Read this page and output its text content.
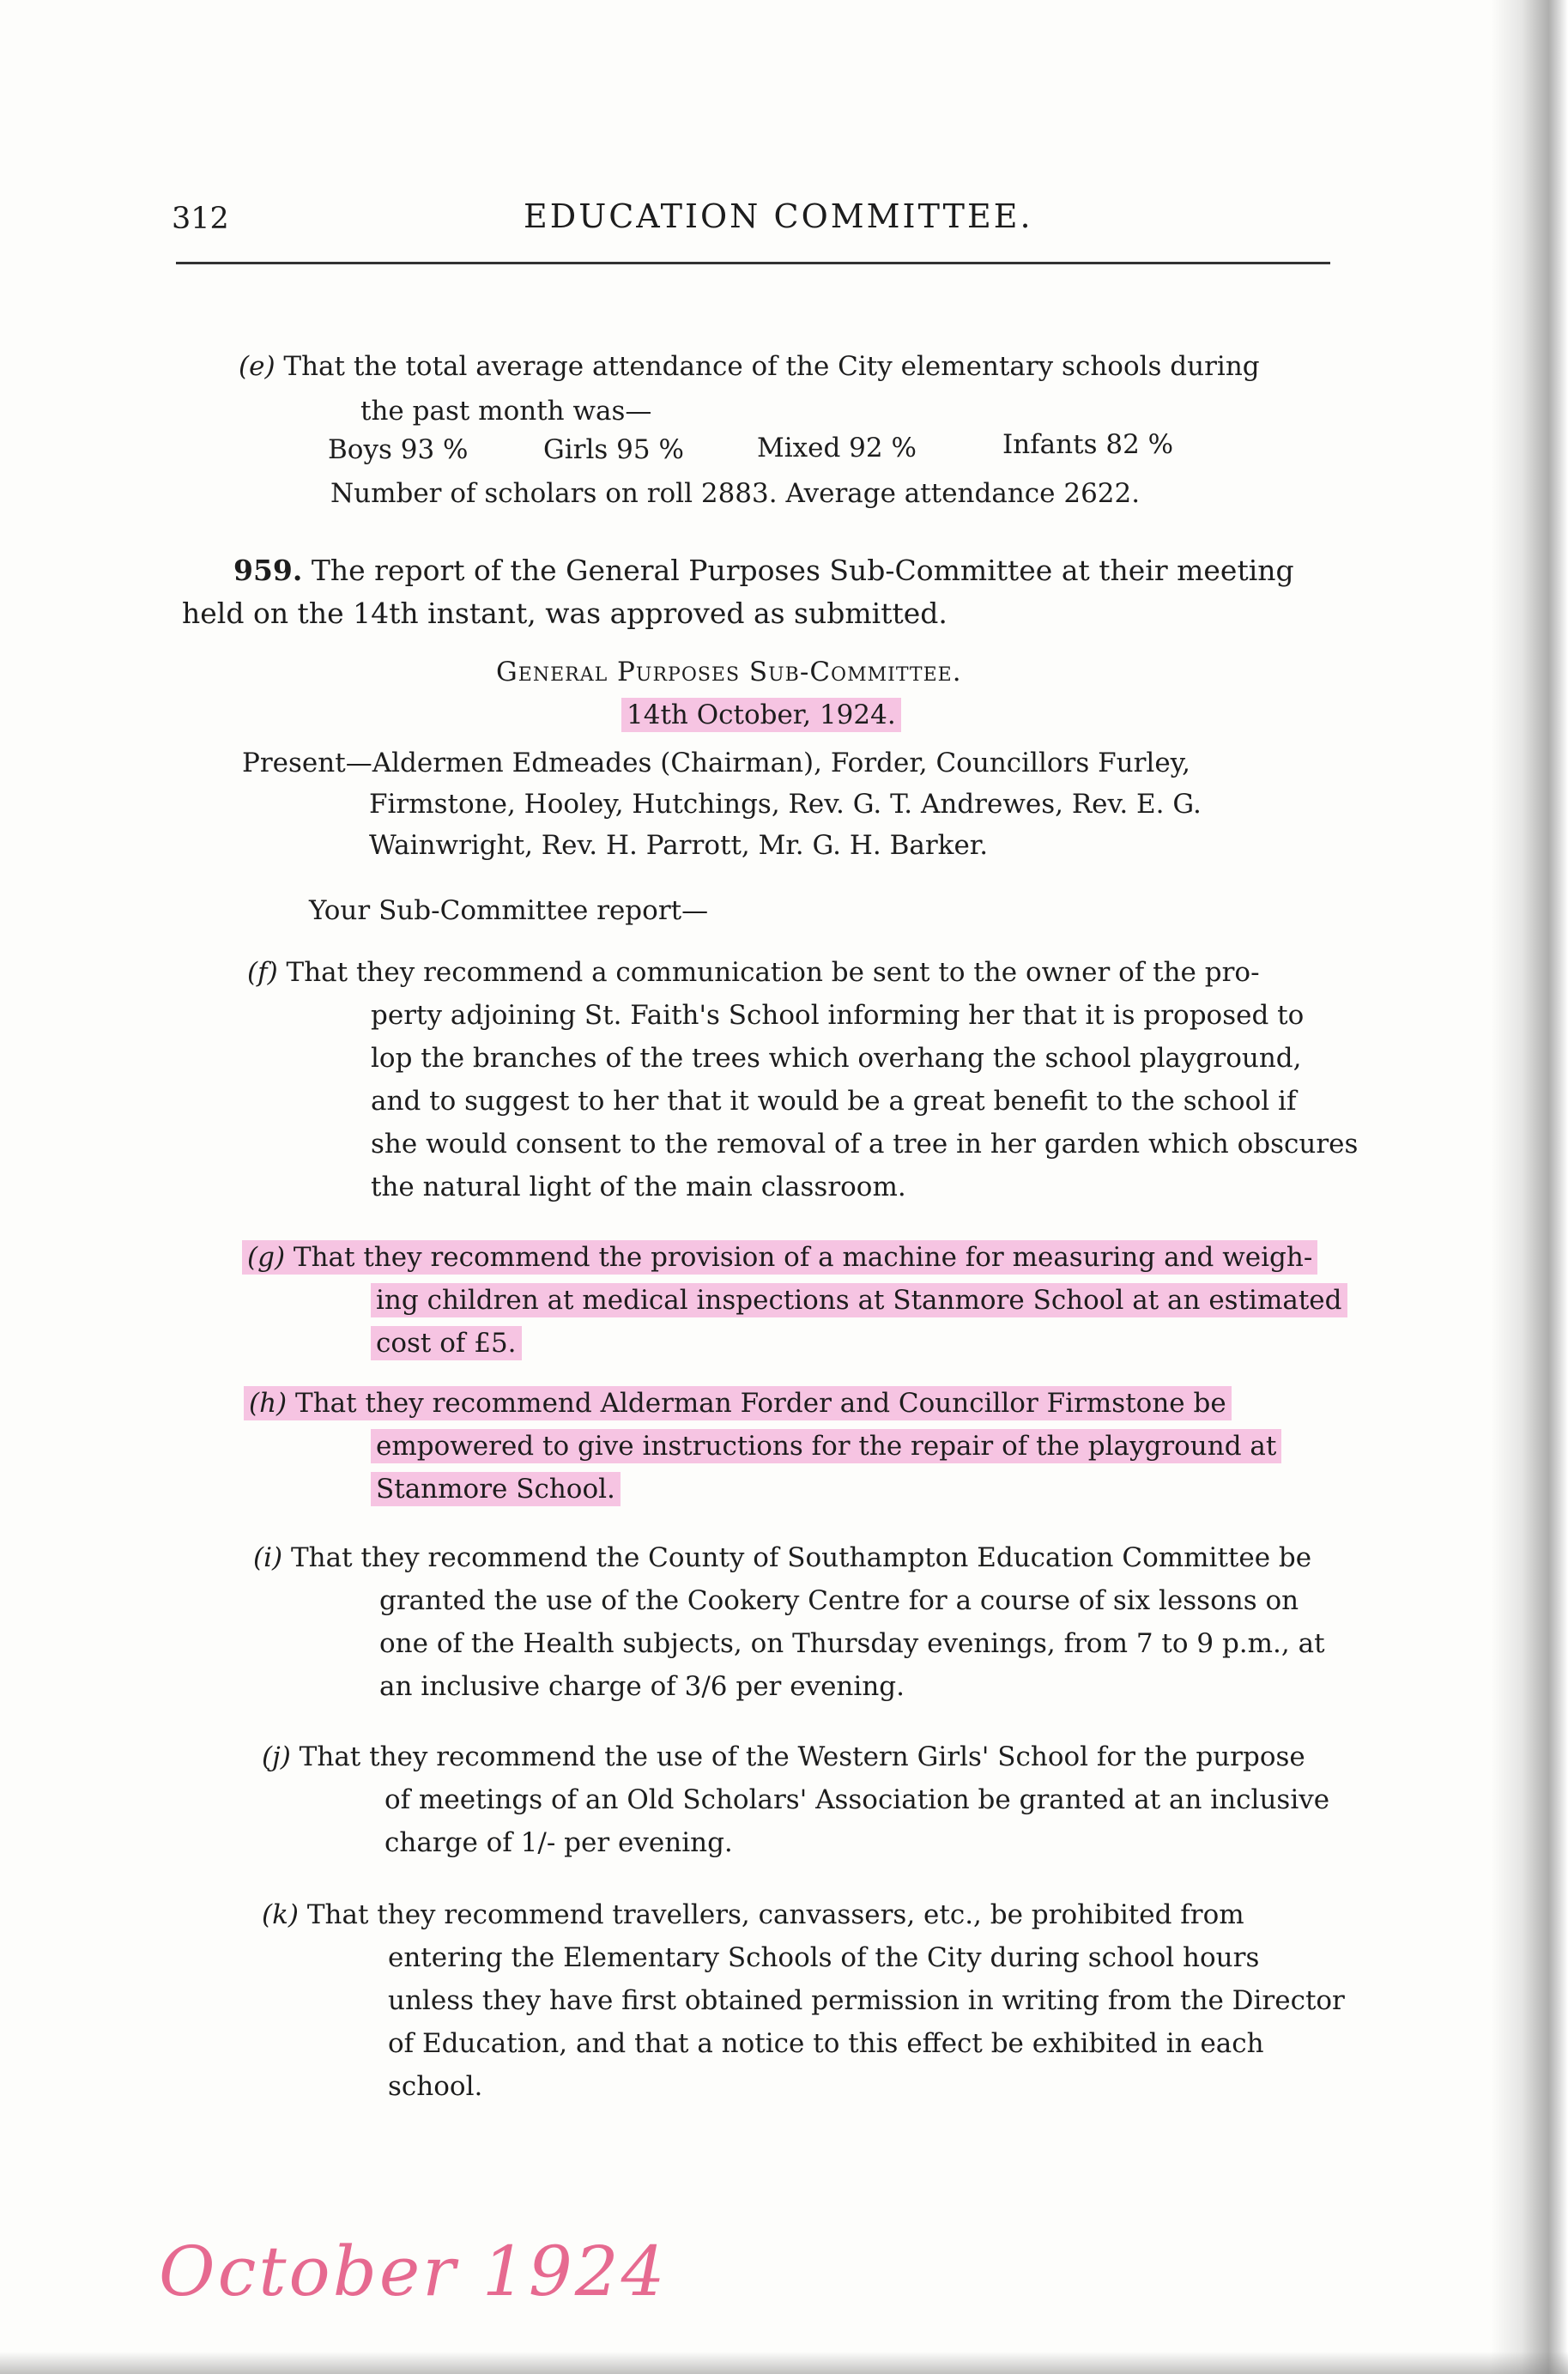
312	EDUCATION COMMITTEE.
(e) That the total average attendance of the City elementary schools during
the past month was—
Boys 93 %	Girls 95 %	Mixed 92 %	Infants 82 %
Number of scholars on roll 2883. Average attendance 2622.
959. The report of the General Purposes Sub-Committee at their meeting
held on the 14th instant, was approved as submitted.
General Purposes Sub-Committee.
14th October, 1924.
Present—Aldermen Edmeades (Chairman), Forder, Councillors Furley,
Firmstone, Hooley, Hutchings, Rev. G. T. Andrewes, Rev. E. G.
Wainwright, Rev. H. Parrott, Mr. G. H. Barker.
Your Sub-Committee report—
(f) That they recommend a communication be sent to the owner of the pro-
perty adjoining St. Faith's School informing her that it is proposed to
lop the branches of the trees which overhang the school playground,
and to suggest to her that it would be a great benefit to the school if
she would consent to the removal of a tree in her garden which obscures
the natural light of the main classroom.
(g) That they recommend the provision of a machine for measuring and weigh-
ing children at medical inspections at Stanmore School at an estimated
cost of £5.
(h) That they recommend Alderman Forder and Councillor Firmstone be
empowered to give instructions for the repair of the playground at
Stanmore School.
(i) That they recommend the County of Southampton Education Committee be
granted the use of the Cookery Centre for a course of six lessons on
one of the Health subjects, on Thursday evenings, from 7 to 9 p.m., at
an inclusive charge of 3/6 per evening.
(j) That they recommend the use of the Western Girls' School for the purpose
of meetings of an Old Scholars' Association be granted at an inclusive
charge of 1/- per evening.
(k) That they recommend travellers, canvassers, etc., be prohibited from
entering the Elementary Schools of the City during school hours
unless they have first obtained permission in writing from the Director
of Education, and that a notice to this effect be exhibited in each
school.
October 1924
